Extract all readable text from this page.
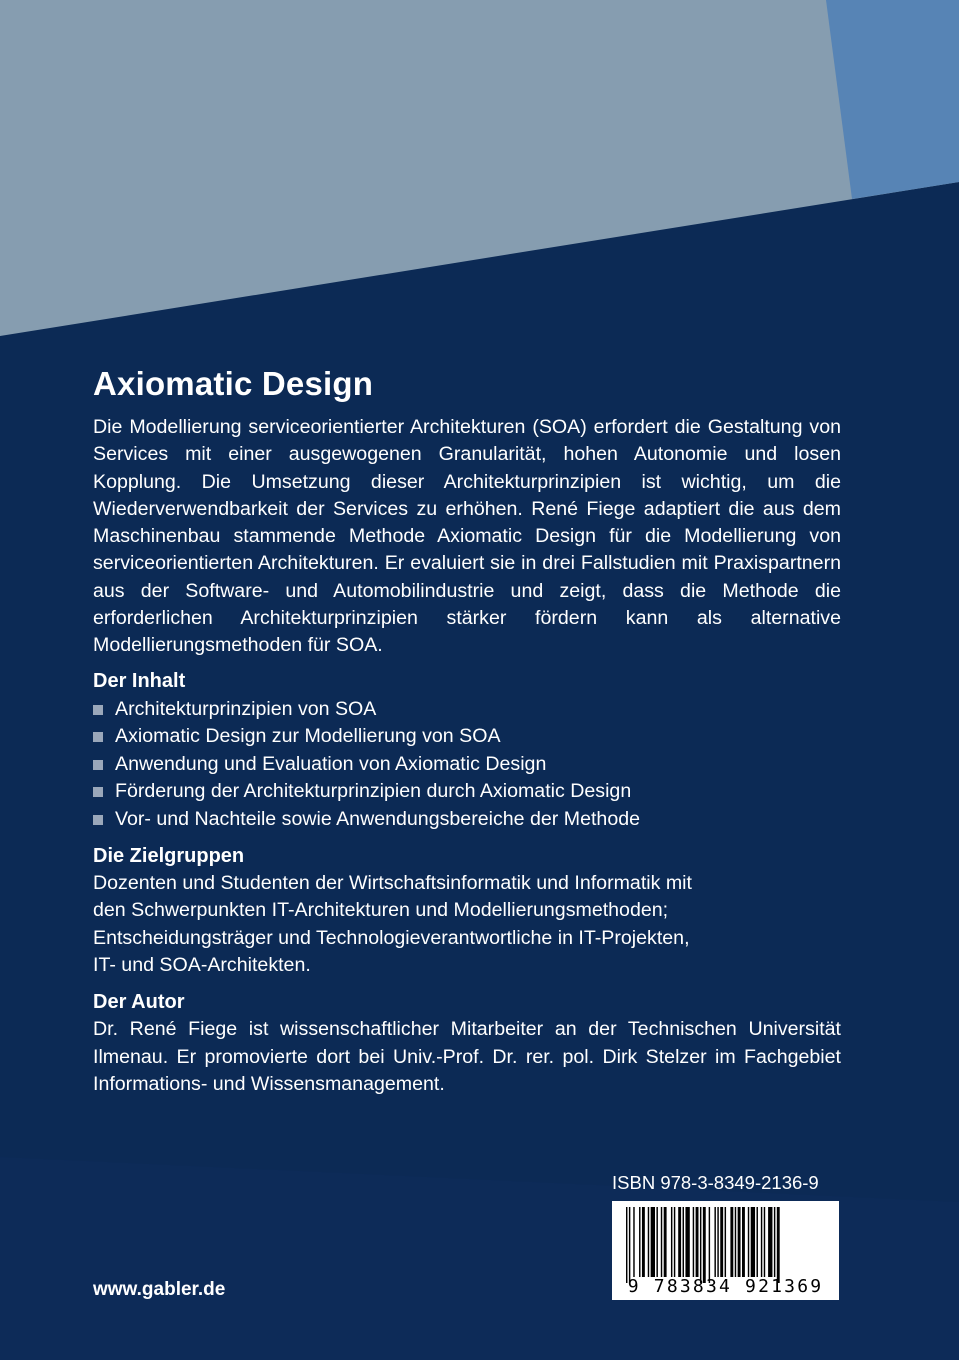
Axiomatic Design

Die Modellierung serviceorientierter Architekturen (SOA) erfordert die Gestaltung von Services mit einer ausgewogenen Granularität, hohen Autonomie und losen Kopplung. Die Umsetzung dieser Architekturprinzipien ist wichtig, um die Wiederverwendbarkeit der Services zu erhöhen. René Fiege adaptiert die aus dem Maschinenbau stammende Methode Axiomatic Design für die Modellierung von serviceorientierten Architekturen. Er evaluiert sie in drei Fallstudien mit Praxispartnern aus der Software- und Automobilindustrie und zeigt, dass die Methode die erforderlichen Architekturprinzipien stärker fördern kann als alternative Modellierungsmethoden für SOA.

Der Inhalt
Architekturprinzipien von SOA
Axiomatic Design zur Modellierung von SOA
Anwendung und Evaluation von Axiomatic Design
Förderung der Architekturprinzipien durch Axiomatic Design
Vor- und Nachteile sowie Anwendungsbereiche der Methode
Die Zielgruppen

Dozenten und Studenten der Wirtschaftsinformatik und Informatik mit
den Schwerpunkten IT-Architekturen und Modellierungsmethoden;
Entscheidungsträger und Technologieverantwortliche in IT-Projekten,
IT- und SOA-Architekten.

Der Autor

Dr. René Fiege ist wissenschaftlicher Mitarbeiter an der Technischen Universität Ilmenau. Er promovierte dort bei Univ.-Prof. Dr. rer. pol. Dirk Stelzer im Fachgebiet Informations- und Wissensmanagement.

ISBN 978-3-8349-2136-9
9 783834 921369
www.gabler.de
